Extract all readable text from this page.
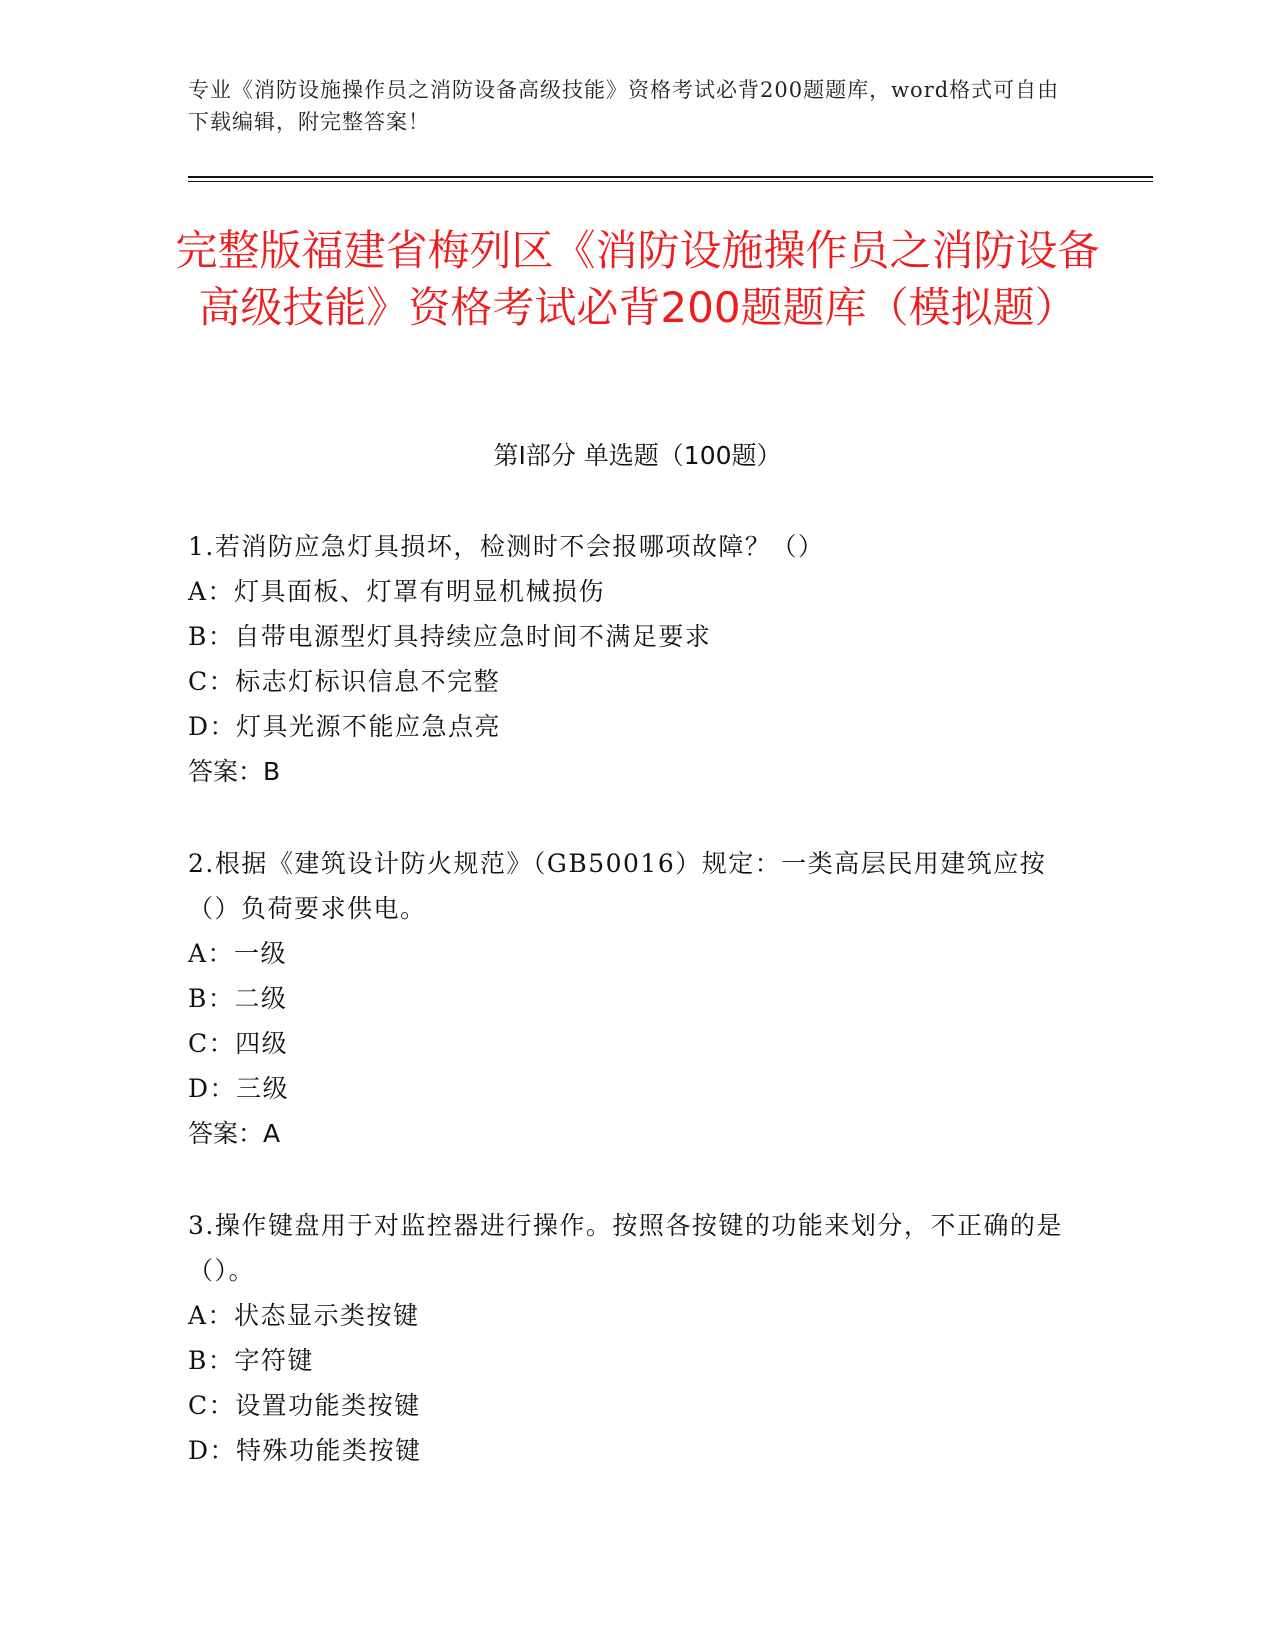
专业《消防设施操作员之消防设备高级技能》资格考试必背200题题库，word格式可自由下载编辑，附完整答案！
完整版福建省梅列区《消防设施操作员之消防设备高级技能》资格考试必背200题题库（模拟题）
第Ⅰ部分 单选题（100题）

1.若消防应急灯具损坏，检测时不会报哪项故障？（）

A：灯具面板、灯罩有明显机械损伤

B：自带电源型灯具持续应急时间不满足要求

C：标志灯标识信息不完整

D：灯具光源不能应急点亮

答案：B

2.根据《建筑设计防火规范》（GB50016）规定：一类高层民用建筑应按（）负荷要求供电。

A：一级

B：二级

C：四级

D：三级

答案：A

3.操作键盘用于对监控器进行操作。按照各按键的功能来划分，不正确的是（）。

A：状态显示类按键

B：字符键

C：设置功能类按键

D：特殊功能类按键
